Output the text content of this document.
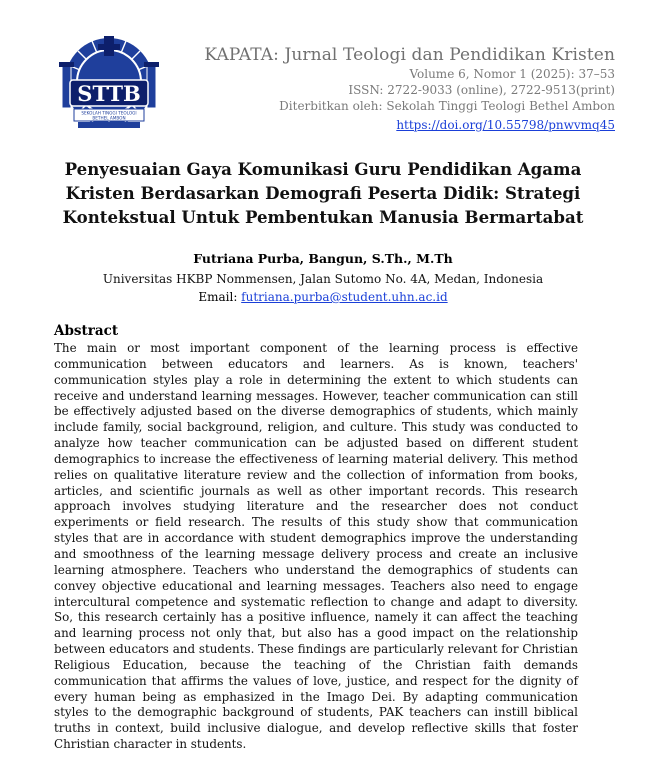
STTB
SEKOLAH TINGGI TEOLOGI
BETHEL AMBON
KAPATA: Jurnal Teologi dan Pendidikan Kristen
Volume 6, Nomor 1 (2025): 37–53
ISSN: 2722-9033 (online), 2722-9513(print)
Diterbitkan oleh: Sekolah Tinggi Teologi Bethel Ambon
https://doi.org/10.55798/pnwvmq45
Penyesuaian Gaya Komunikasi Guru Pendidikan Agama
Kristen Berdasarkan Demografi Peserta Didik: Strategi
Kontekstual Untuk Pembentukan Manusia Bermartabat
Futriana Purba, Bangun, S.Th., M.Th
Universitas HKBP Nommensen, Jalan Sutomo No. 4A, Medan, Indonesia
Email: futriana.purba@student.uhn.ac.id
Abstract
The main or most important component of the learning process is effective communication between educators and learners. As is known, teachers' communication styles play a role in determining the extent to which students can receive and understand learning messages. However, teacher communication can still be effectively adjusted based on the diverse demographics of students, which mainly include family, social background, religion, and culture. This study was conducted to analyze how teacher communication can be adjusted based on different student demographics to increase the effectiveness of learning material delivery. This method relies on qualitative literature review and the collection of information from books, articles, and scientific journals as well as other important records. This research approach involves studying literature and the researcher does not conduct experiments or field research. The results of this study show that communication styles that are in accordance with student demographics improve the understanding and smoothness of the learning message delivery process and create an inclusive learning atmosphere. Teachers who understand the demographics of students can convey objective educational and learning messages. Teachers also need to engage intercultural competence and systematic reflection to change and adapt to diversity. So, this research certainly has a positive influence, namely it can affect the teaching and learning process not only that, but also has a good impact on the relationship between educators and students. These findings are particularly relevant for Christian Religious Education, because the teaching of the Christian faith demands communication that affirms the values of love, justice, and respect for the dignity of every human being as emphasized in the Imago Dei. By adapting communication styles to the demographic background of students, PAK teachers can instill biblical truths in context, build inclusive dialogue, and develop reflective skills that foster Christian character in students.
